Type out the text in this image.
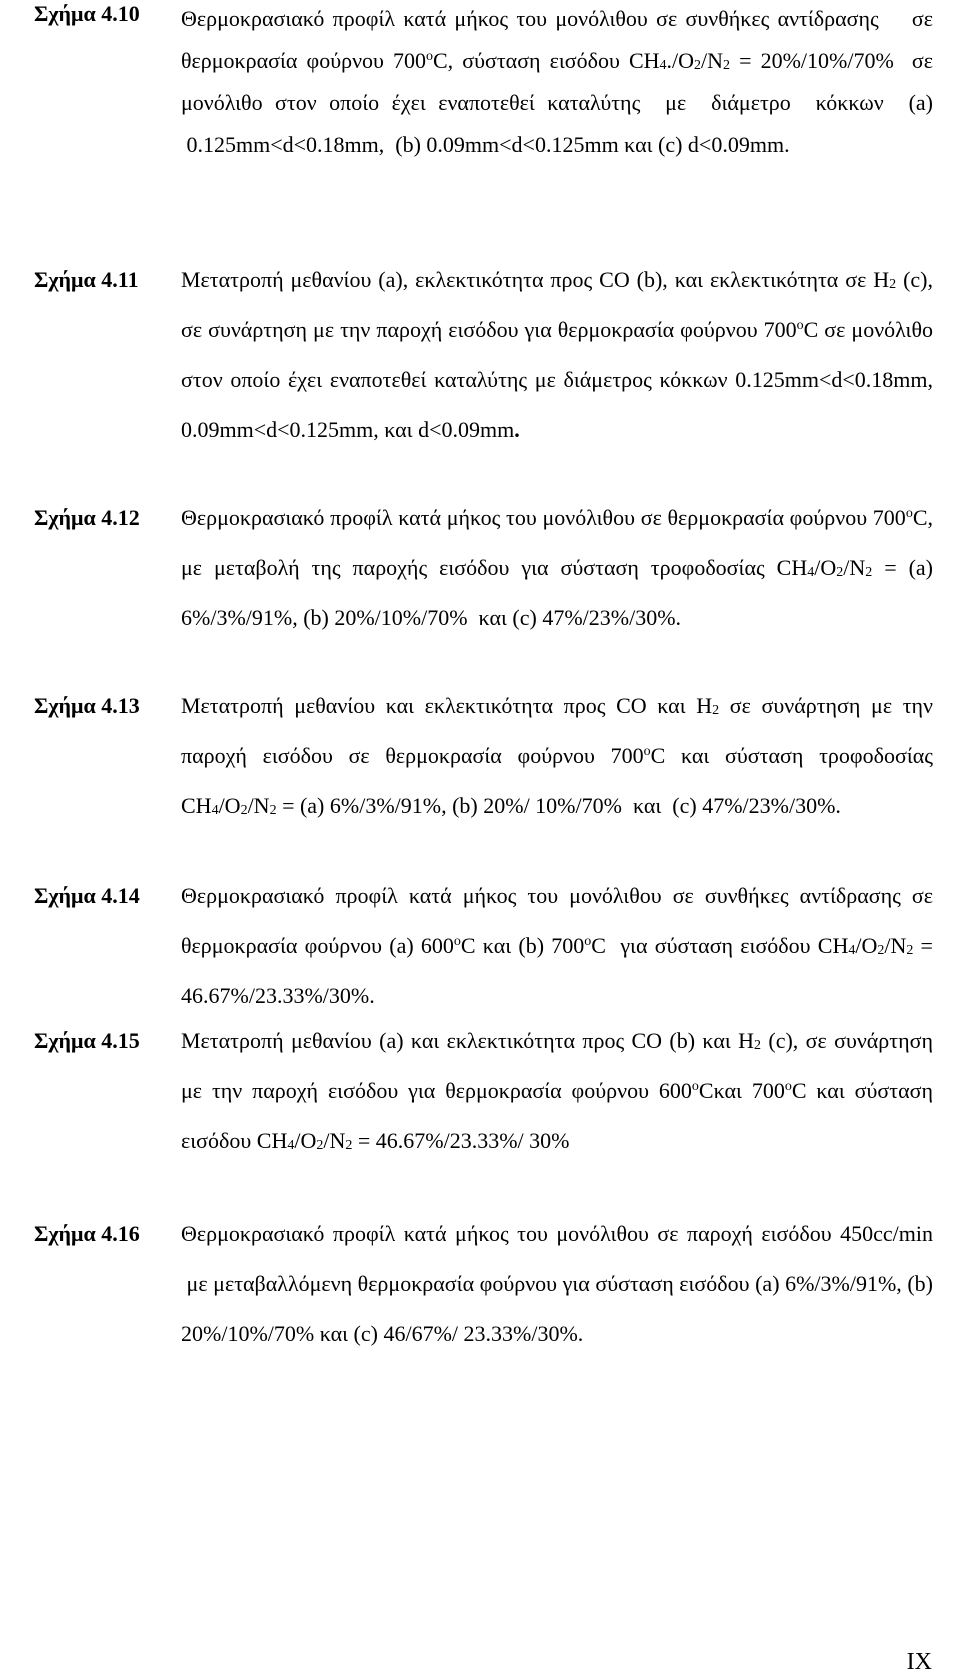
Σχήμα 4.10	Θερμοκρασιακό προφίλ κατά μήκος του μονόλιθου σε συνθήκες αντίδρασης    σε θερμοκρασία φούρνου 700$^o$C, σύσταση εισόδου $CH_4./O_2/N_2 = 20\%/10\%/70\%$  σε μονόλιθο στον οποίο έχει εναποτεθεί καταλύτης  με  διάμετρο  κόκκων  (a)  0.125mm<d<0.18mm,  (b) 0.09mm<d<0.125mm και (c) d<0.09mm.
Σχήμα 4.11	Μετατροπή μεθανίου (a), εκλεκτικότητα προς CO (b), και εκλεκτικότητα σε $H_2$ (c), σε συνάρτηση με την παροχή εισόδου για θερμοκρασία φούρνου 700$^o$C σε μονόλιθο στον οποίο έχει εναποτεθεί καταλύτης με διάμετρος κόκκων 0.125mm<d<0.18mm, 0.09mm<d<0.125mm, και d<0.09mm.
Σχήμα 4.12	Θερμοκρασιακό προφίλ κατά μήκος του μονόλιθου σε θερμοκρασία φούρνου 700$^o$C, με μεταβολή της παροχής εισόδου για σύσταση τροφοδοσίας $CH_4/O_2/N_2 = (a)$ 6%/3%/91%, (b) 20%/10%/70%  και (c) 47%/23%/30%.
Σχήμα 4.13	Μετατροπή μεθανίου και εκλεκτικότητα προς CO και $H_2$ σε συνάρτηση με την παροχή εισόδου σε θερμοκρασία φούρνου 700$^o$C και σύσταση τροφοδοσίας $CH_4/O_2/N_2 = (a)$ 6%/3%/91%, (b) 20%/ 10%/70%  και  (c) 47%/23%/30%.
Σχήμα 4.14	Θερμοκρασιακό προφίλ κατά μήκος του μονόλιθου σε συνθήκες αντίδρασης σε θερμοκρασία φούρνου (a) 600$^o$C και (b) 700$^o$C  για σύσταση εισόδου $CH_4/O_2/N_2 = 46.67\%/23.33\%/30\%$.
Σχήμα 4.15	Μετατροπή μεθανίου (a) και εκλεκτικότητα προς CO (b) και $H_2$ (c), σε συνάρτηση με την παροχή εισόδου για θερμοκρασία φούρνου 600$^o$Cκαι 700$^o$C και σύσταση εισόδου $CH_4/O_2/N_2 = 46.67\%/23.33\%/$ 30%
Σχήμα 4.16	Θερμοκρασιακό προφίλ κατά μήκος του μονόλιθου σε παροχή εισόδου 450cc/min  με μεταβαλλόμενη θερμοκρασία φούρνου για σύσταση εισόδου (a) 6%/3%/91%, (b) 20%/10%/70% και (c) 46/67%/ 23.33%/30%.
IX
